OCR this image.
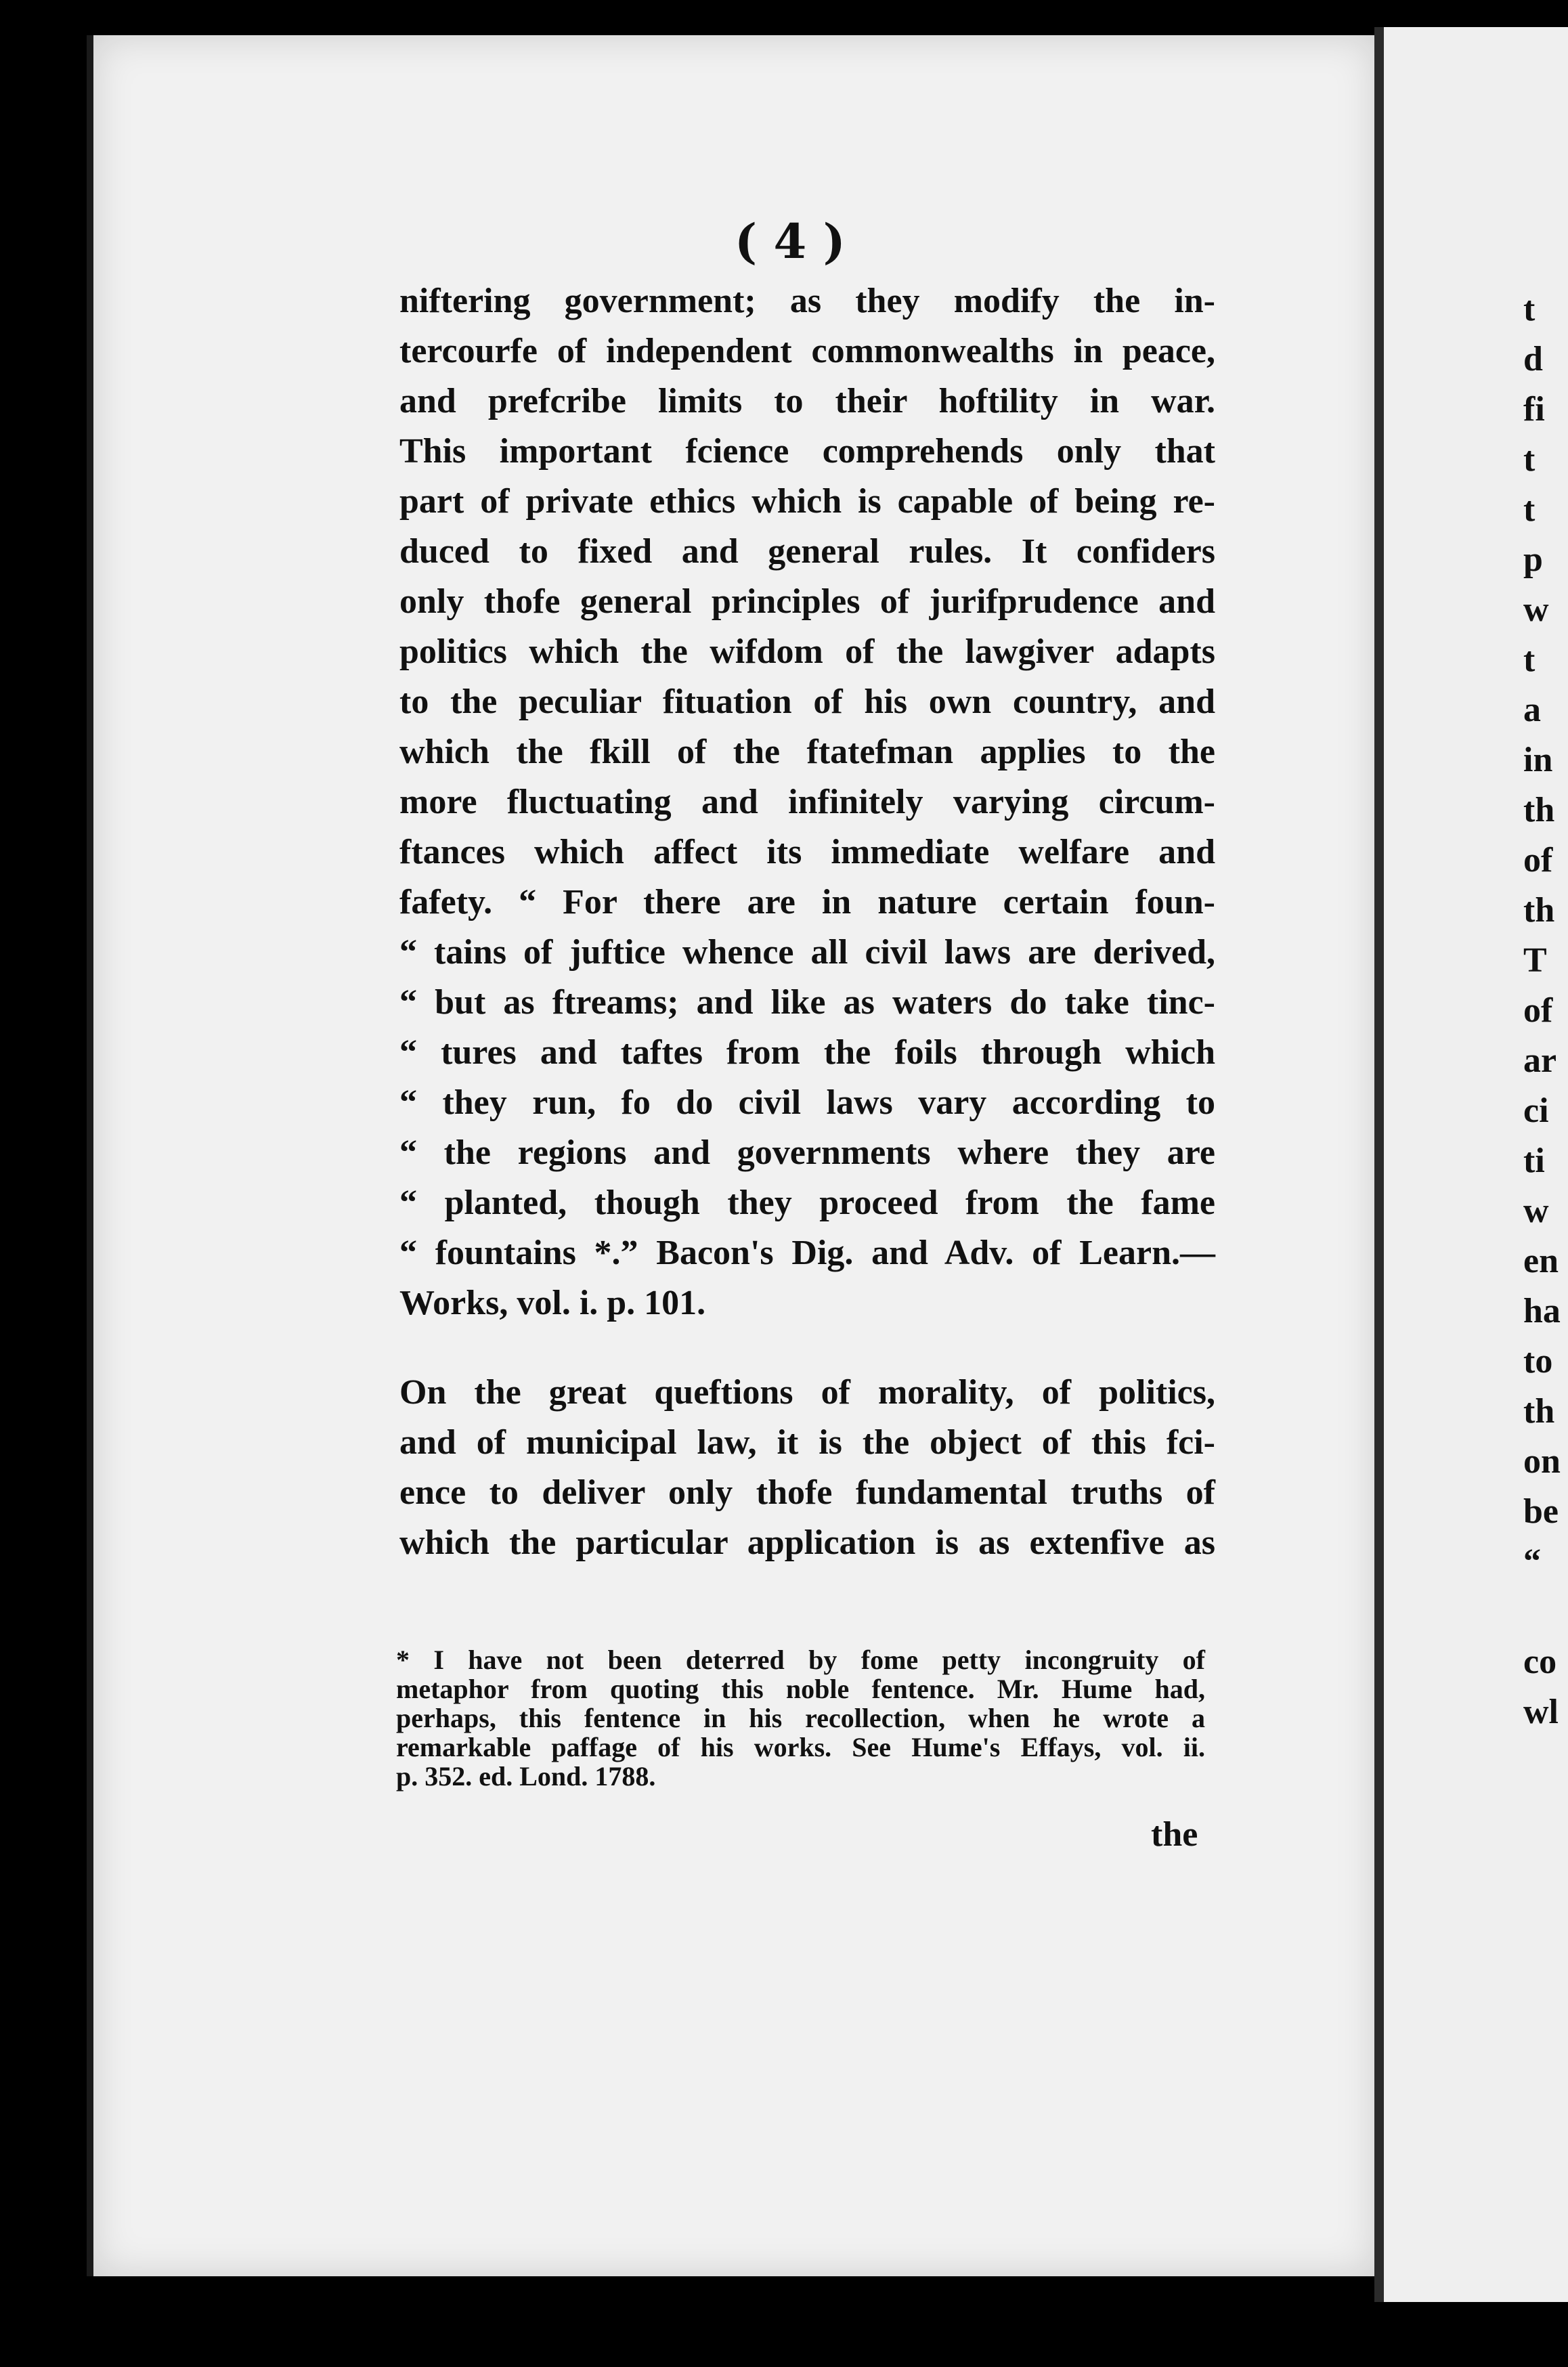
( 4 )
niftering government; as they modify the in-
tercourfe of independent commonwealths in peace,
and prefcribe limits to their hoftility in war.
This important fcience comprehends only that
part of private ethics which is capable of being re-
duced to fixed and general rules. It confiders
only thofe general principles of jurifprudence and
politics which the wifdom of the lawgiver adapts
to the peculiar fituation of his own country, and
which the fkill of the ftatefman applies to the
more fluctuating and infinitely varying circum-
ftances which affect its immediate welfare and
fafety. “ For there are in nature certain foun-
“ tains of juftice whence all civil laws are derived,
“ but as ftreams; and like as waters do take tinc-
“ tures and taftes from the foils through which
“ they run, fo do civil laws vary according to
“ the regions and governments where they are
“ planted, though they proceed from the fame
“ fountains *.” Bacon's Dig. and Adv. of Learn.—
Works, vol. i. p. 101.
On the great queftions of morality, of politics,
and of municipal law, it is the object of this fci-
ence to deliver only thofe fundamental truths of
which the particular application is as extenfive as
* I have not been deterred by fome petty incongruity of
metaphor from quoting this noble fentence. Mr. Hume had,
perhaps, this fentence in his recollection, when he wrote a
remarkable paffage of his works. See Hume's Effays, vol. ii.
p. 352. ed. Lond. 1788.
the
t
d
fi
t
t
p
w
t
a
in
th
of
th
T
of
ar
ci
ti
w
en
ha
to
th
on
be
“
co
wl
